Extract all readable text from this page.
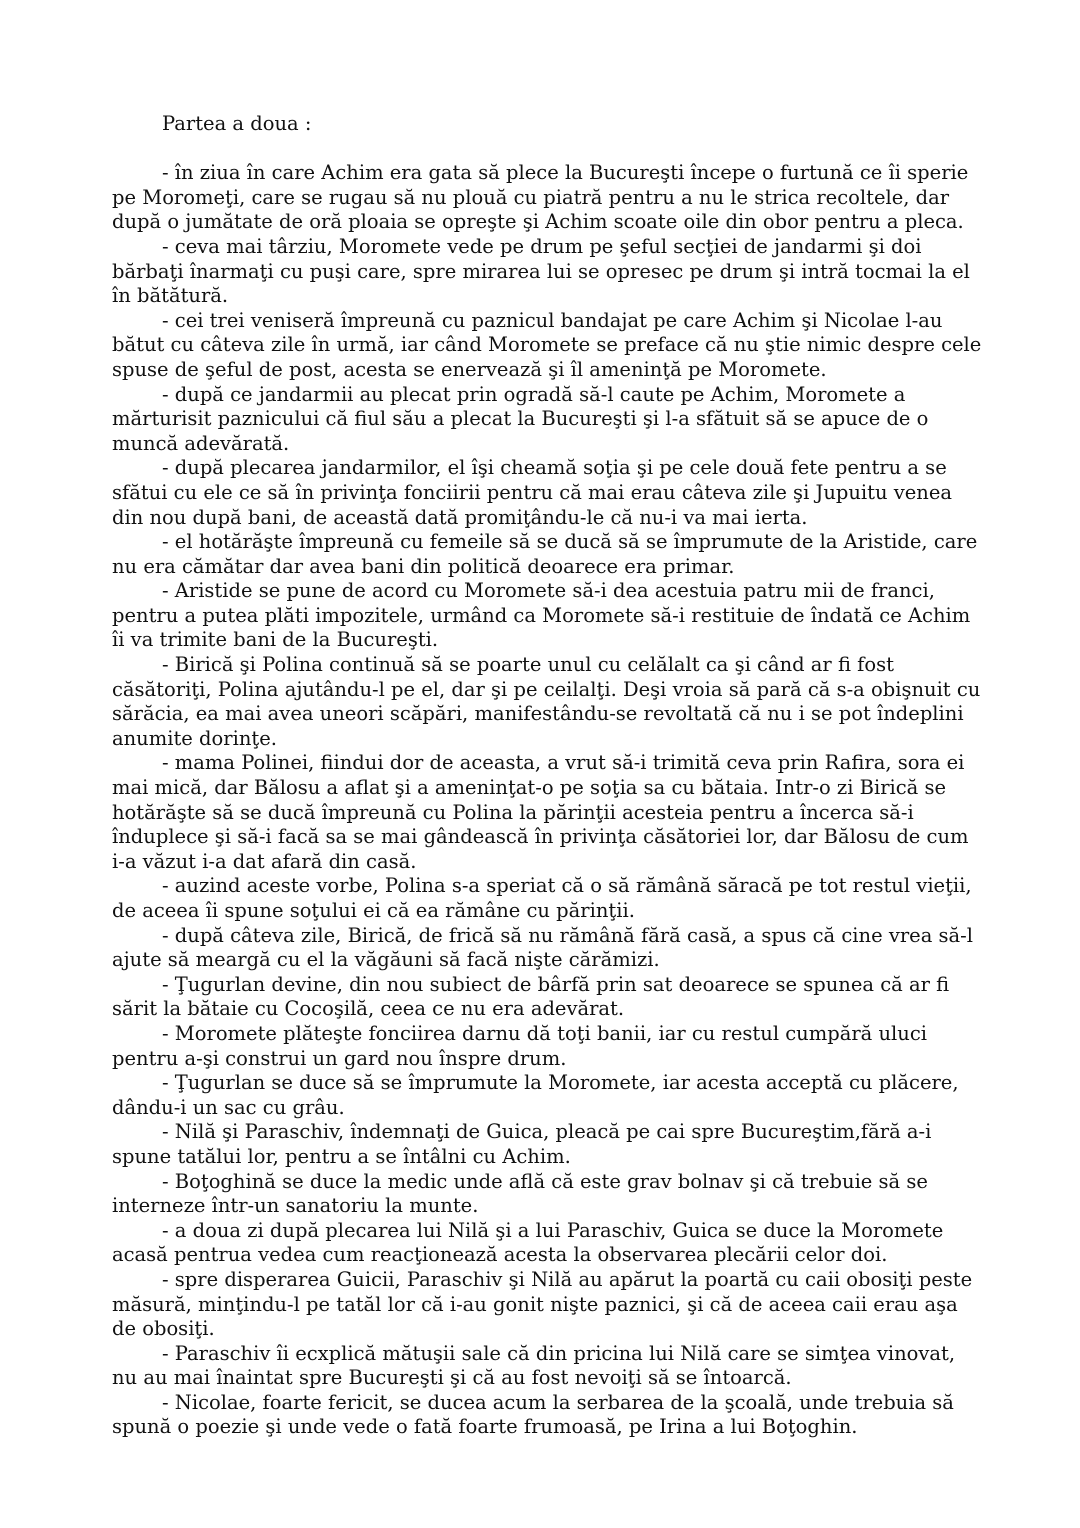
Partea a doua :

- în ziua în care Achim era gata să plece la Bucureşti începe o furtună ce îi sperie pe Moromeţi, care se rugau să nu plouă cu piatră pentru a nu le strica recoltele, dar după o jumătate de oră ploaia se opreşte şi Achim scoate oile din obor pentru a pleca.
- ceva mai târziu, Moromete vede pe drum pe şeful secţiei de jandarmi şi doi bărbaţi înarmaţi cu puşi care, spre mirarea lui se opresec pe drum şi intră tocmai la el în bătătură.
- cei trei veniseră împreună cu paznicul bandajat pe care Achim şi Nicolae l-au bătut cu câteva zile în urmă, iar când Moromete se preface că nu ştie nimic despre cele spuse de şeful de post, acesta se enervează şi îl ameninţă pe Moromete.
- după ce jandarmii au plecat prin ogradă să-l caute pe Achim, Moromete a mărturisit paznicului că fiul său a plecat la Bucureşti şi l-a sfătuit să se apuce de o muncă adevărată.
- după plecarea jandarmilor, el îşi cheamă soţia şi pe cele două fete pentru a se sfătui cu ele ce să în privinţa fonciirii pentru că mai erau câteva zile şi Jupuitu venea din nou după bani, de această dată promiţându-le că nu-i va mai ierta.
- el hotărăşte împreună cu femeile să se ducă să se împrumute de la Aristide, care nu era cămătar dar avea bani din politică deoarece era primar.
- Aristide se pune de acord cu Moromete să-i dea acestuia patru mii de franci, pentru a putea plăti impozitele, urmând ca Moromete să-i restituie de îndată ce Achim îi va trimite bani de la Bucureşti.
- Birică şi Polina continuă să se poarte unul cu celălalt ca şi când ar fi fost căsătoriţi, Polina ajutându-l pe el, dar şi pe ceilalţi. Deşi vroia să pară că s-a obişnuit cu sărăcia, ea mai avea uneori scăpări, manifestându-se revoltată că nu i se pot îndeplini anumite dorinţe.
- mama Polinei, fiindui dor de aceasta, a vrut să-i trimită ceva prin Rafira, sora ei mai mică, dar Bălosu a aflat şi a ameninţat-o pe soţia sa cu bătaia. Intr-o zi Birică se hotărăşte să se ducă împreună cu Polina la părinţii acesteia pentru a încerca să-i înduplece şi să-i facă sa se mai gândească în privinţa căsătoriei lor, dar Bălosu de cum i-a văzut i-a dat afară din casă.
- auzind aceste vorbe, Polina s-a speriat că o să rămână săracă pe tot restul vieţii, de aceea îi spune soţului ei că ea rămâne cu părinţii.
- după câteva zile, Birică, de frică să nu rămână fără casă, a spus că cine vrea să-l ajute să meargă cu el la văgăuni să facă nişte cărămizi.
- Ţugurlan devine, din nou subiect de bârfă prin sat deoarece se spunea că ar fi sărit la bătaie cu Cocoşilă, ceea ce nu era adevărat.
- Moromete plăteşte fonciirea darnu dă toţi banii, iar cu restul cumpără uluci pentru a-şi construi un gard nou înspre drum.
- Ţugurlan se duce să se împrumute la Moromete, iar acesta acceptă cu plăcere, dându-i un sac cu grâu.
- Nilă şi Paraschiv, îndemnaţi de Guica, pleacă pe cai spre Bucureştim,fără a-i spune tatălui lor, pentru a se întâlni cu Achim.
- Boţoghină se duce la medic unde află că este grav bolnav şi că trebuie să se interneze într-un sanatoriu la munte.
- a doua zi după plecarea lui Nilă şi a lui Paraschiv, Guica se duce la Moromete acasă pentrua vedea cum reacţionează acesta la observarea plecării celor doi.
- spre disperarea Guicii, Paraschiv şi Nilă au apărut la poartă cu caii obosiţi peste măsură, minţindu-l pe tatăl lor că i-au gonit nişte paznici, şi că de aceea caii erau aşa de obosiţi.
- Paraschiv îi ecxplică mătuşii sale că din pricina lui Nilă care se simţea vinovat, nu au mai înaintat spre Bucureşti şi că au fost nevoiţi să se întoarcă.
- Nicolae, foarte fericit, se ducea acum la serbarea de la şcoală, unde trebuia să spună o poezie şi unde vede o fată foarte frumoasă, pe Irina a lui Boţoghin.
